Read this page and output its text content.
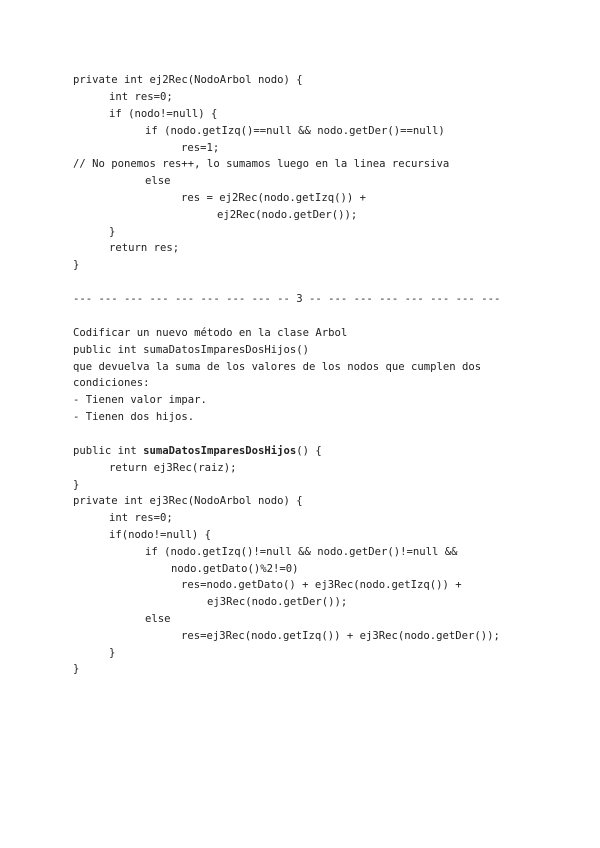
private int ej2Rec(NodoArbol nodo) {
int res=0;
if (nodo!=null) {
if (nodo.getIzq()==null && nodo.getDer()==null)
res=1;
// No ponemos res++, lo sumamos luego en la linea recursiva
else
res = ej2Rec(nodo.getIzq()) +
ej2Rec(nodo.getDer());
}
return res;
}
--- --- --- --- --- --- --- --- -- 3 -- --- --- --- --- --- --- ---
Codificar un nuevo método en la clase Arbol
public int sumaDatosImparesDosHijos()
que devuelva la suma de los valores de los nodos que cumplen dos
condiciones:
- Tienen valor impar.
- Tienen dos hijos.
public int sumaDatosImparesDosHijos() {
return ej3Rec(raiz);
}
private int ej3Rec(NodoArbol nodo) {
int res=0;
if(nodo!=null) {
if (nodo.getIzq()!=null && nodo.getDer()!=null &&
nodo.getDato()%2!=0)
res=nodo.getDato() + ej3Rec(nodo.getIzq()) +
ej3Rec(nodo.getDer());
else
res=ej3Rec(nodo.getIzq()) + ej3Rec(nodo.getDer());
}
}
